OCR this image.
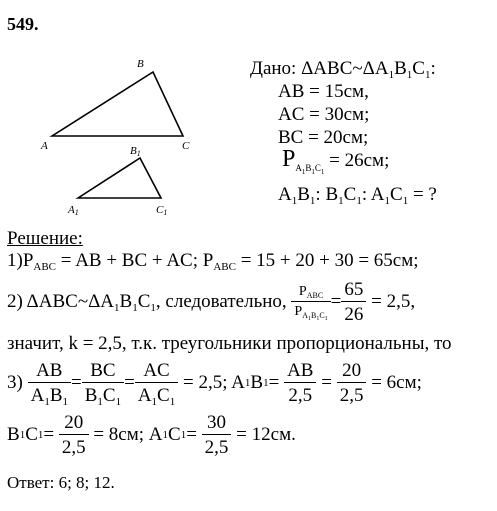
549.
B
A	C
$B_1$
$A_1$	$C_1$
Дано: $\Delta ABC\sim\Delta A_1B_1C_1$:
AB = 15см,
AC = 30см;
BC = 20см;
$P_{A_1B_1C_1} = 26см$;
$A_1B_1$: $B_1C_1$: $A_1C_1$ = ?
Решение:
$1)P_{ABC}$ = AB + BC + AC; $P_{ABC} = 15 + 20 + 30 = 65см$;
2) $\Delta ABC\sim\Delta A_1B_1C_1$, следовательно, $\frac{P_{ABC}}{P_{A_1B_1C_1}} = \frac{65}{26}$
= 2,5,
значит, k = 2,5, т.к. треугольники пропорциональны, то
3)
$\frac{AB}{A_1B_1} = \frac{BC}{B_1C_1} = \frac{AC}{A_1C_1}$
= 2,5; A 1 B 1 =
$\frac{AB}{2,5}$
=
$\frac{20}{2,5}$
= 6см;
B 1 C 1 =
$\frac{20}{2,5}$
= 8см; A 1 C 1 =
$\frac{30}{2,5}$
= 12см.
Ответ: 6; 8; 12.
